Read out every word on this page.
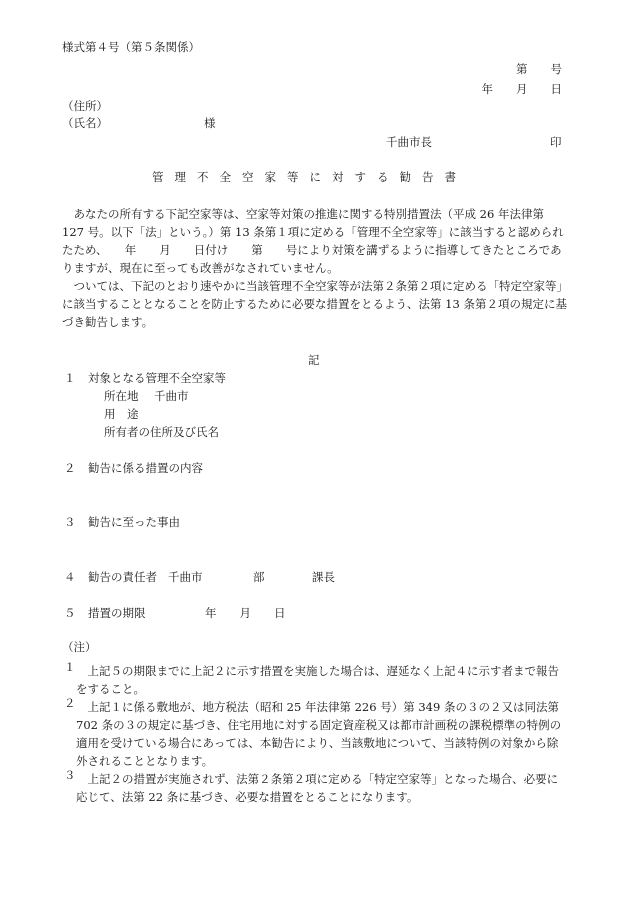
様式第４号（第５条関係）
第　　号
年　　月　　日
（住所）
（氏名）	様
千曲市長	印
管理不全空家等に対する勧告書
あなたの所有する下記空家等は、空家等対策の推進に関する特別措置法（平成 26 年法律第 127 号。以下「法」という。）第 13 条第１項に定める「管理不全空家等」に該当すると認められたため、　　年　　月　　日付け　　第　　号により対策を講ずるように指導してきたところでありますが、現在に至っても改善がなされていません。
ついては、下記のとおり速やかに当該管理不全空家等が法第２条第２項に定める「特定空家等」に該当することとなることを防止するために必要な措置をとるよう、法第 13 条第２項の規定に基づき勧告します。
記
１ 対象となる管理不全空家等
所在地 千曲市
用　途
所有者の住所及び氏名
２ 勧告に係る措置の内容
３ 勧告に至った事由
４ 勧告の責任者 千曲市	部	課長
５ 措置の期限	年　　月　　日
（注）
１	上記５の期限までに上記２に示す措置を実施した場合は、遅延なく上記４に示す者まで報告をすること。
２	上記１に係る敷地が、地方税法（昭和 25 年法律第 226 号）第 349 条の３の２又は同法第 702 条の３の規定に基づき、住宅用地に対する固定資産税又は都市計画税の課税標準の特例の適用を受けている場合にあっては、本勧告により、当該敷地について、当該特例の対象から除外されることとなります。
３	上記２の措置が実施されず、法第２条第２項に定める「特定空家等」となった場合、必要に応じて、法第 22 条に基づき、必要な措置をとることになります。
